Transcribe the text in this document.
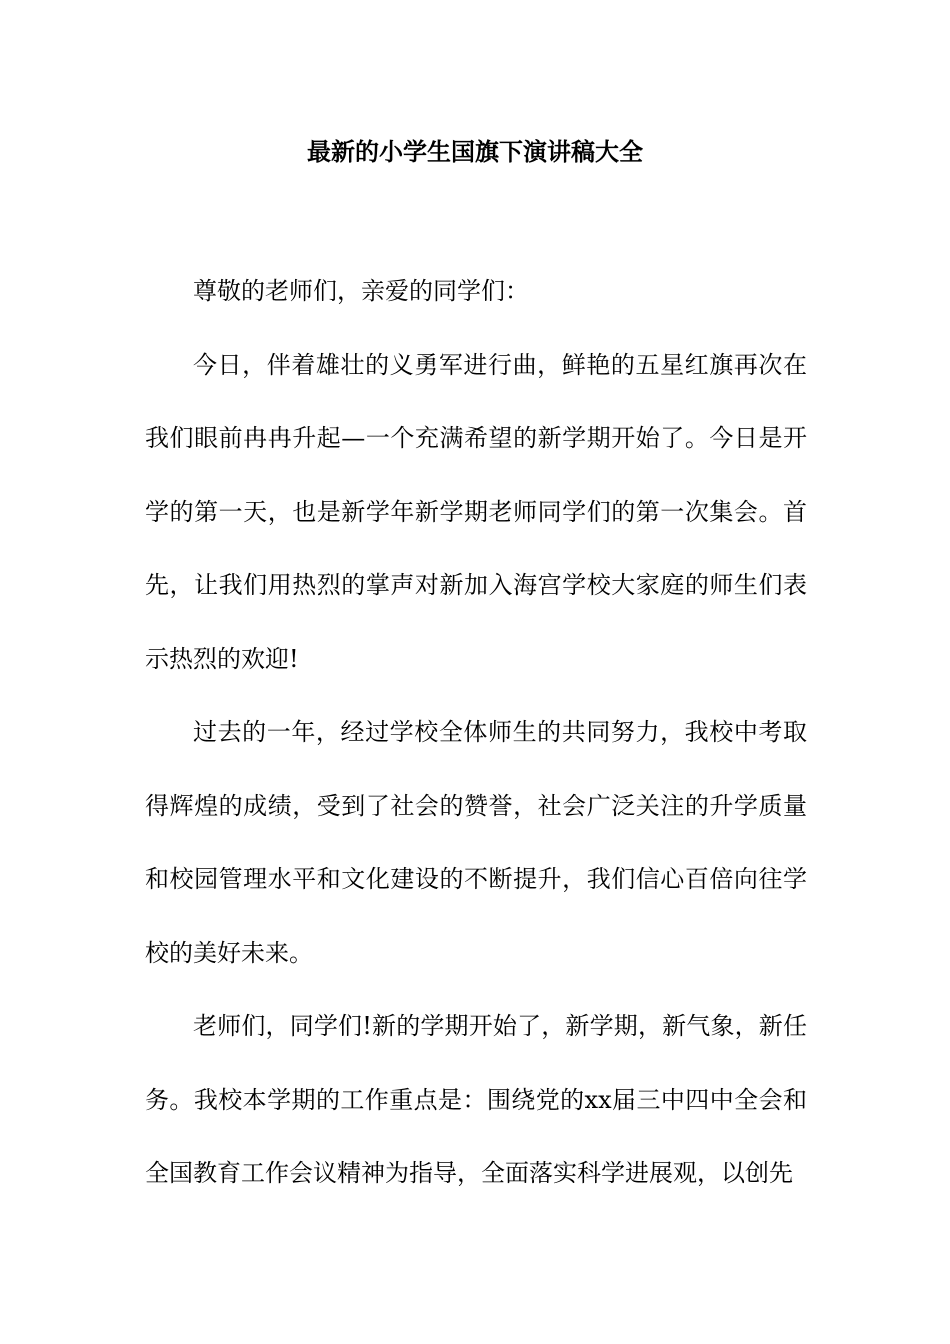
最新的小学生国旗下演讲稿大全

尊敬的老师们，亲爱的同学们：

今日，伴着雄壮的义勇军进行曲，鲜艳的五星红旗再次在我们眼前冉冉升起—一个充满希望的新学期开始了。今日是开学的第一天，也是新学年新学期老师同学们的第一次集会。首先，让我们用热烈的掌声对新加入海宫学校大家庭的师生们表示热烈的欢迎!

过去的一年，经过学校全体师生的共同努力，我校中考取得辉煌的成绩，受到了社会的赞誉，社会广泛关注的升学质量和校园管理水平和文化建设的不断提升，我们信心百倍向往学校的美好未来。

老师们，同学们!新的学期开始了，新学期，新气象，新任务。我校本学期的工作重点是：围绕党的xx届三中四中全会和全国教育工作会议精神为指导，全面落实科学进展观，以创先
